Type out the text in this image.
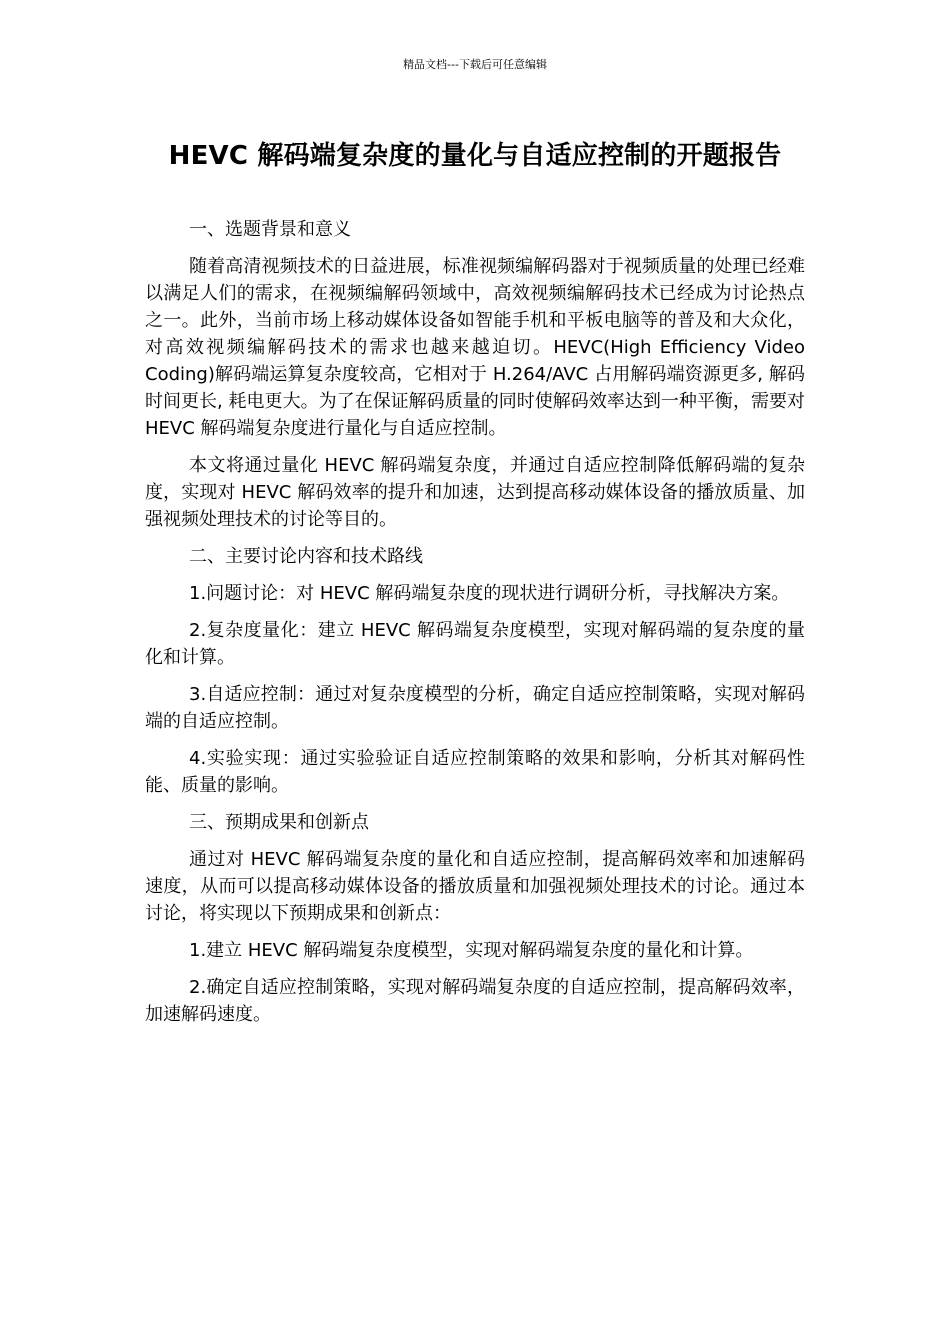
精品文档---下载后可任意编辑
HEVC 解码端复杂度的量化与自适应控制的开题报告
一、选题背景和意义

随着高清视频技术的日益进展，标准视频编解码器对于视频质量的处理已经难以满足人们的需求，在视频编解码领域中，高效视频编解码技术已经成为讨论热点之一。此外，当前市场上移动媒体设备如智能手机和平板电脑等的普及和大众化，对高效视频编解码技术的需求也越来越迫切。HEVC(High Efficiency Video Coding)解码端运算复杂度较高，它相对于 H.264/AVC 占用解码端资源更多, 解码时间更长, 耗电更大。为了在保证解码质量的同时使解码效率达到一种平衡，需要对 HEVC 解码端复杂度进行量化与自适应控制。

本文将通过量化 HEVC 解码端复杂度，并通过自适应控制降低解码端的复杂度，实现对 HEVC 解码效率的提升和加速，达到提高移动媒体设备的播放质量、加强视频处理技术的讨论等目的。

二、主要讨论内容和技术路线

1.问题讨论：对 HEVC 解码端复杂度的现状进行调研分析，寻找解决方案。

2.复杂度量化：建立 HEVC 解码端复杂度模型，实现对解码端的复杂度的量化和计算。

3.自适应控制：通过对复杂度模型的分析，确定自适应控制策略，实现对解码端的自适应控制。

4.实验实现：通过实验验证自适应控制策略的效果和影响，分析其对解码性能、质量的影响。

三、预期成果和创新点

通过对 HEVC 解码端复杂度的量化和自适应控制，提高解码效率和加速解码速度，从而可以提高移动媒体设备的播放质量和加强视频处理技术的讨论。通过本讨论，将实现以下预期成果和创新点：

1.建立 HEVC 解码端复杂度模型，实现对解码端复杂度的量化和计算。

2.确定自适应控制策略，实现对解码端复杂度的自适应控制，提高解码效率，加速解码速度。
